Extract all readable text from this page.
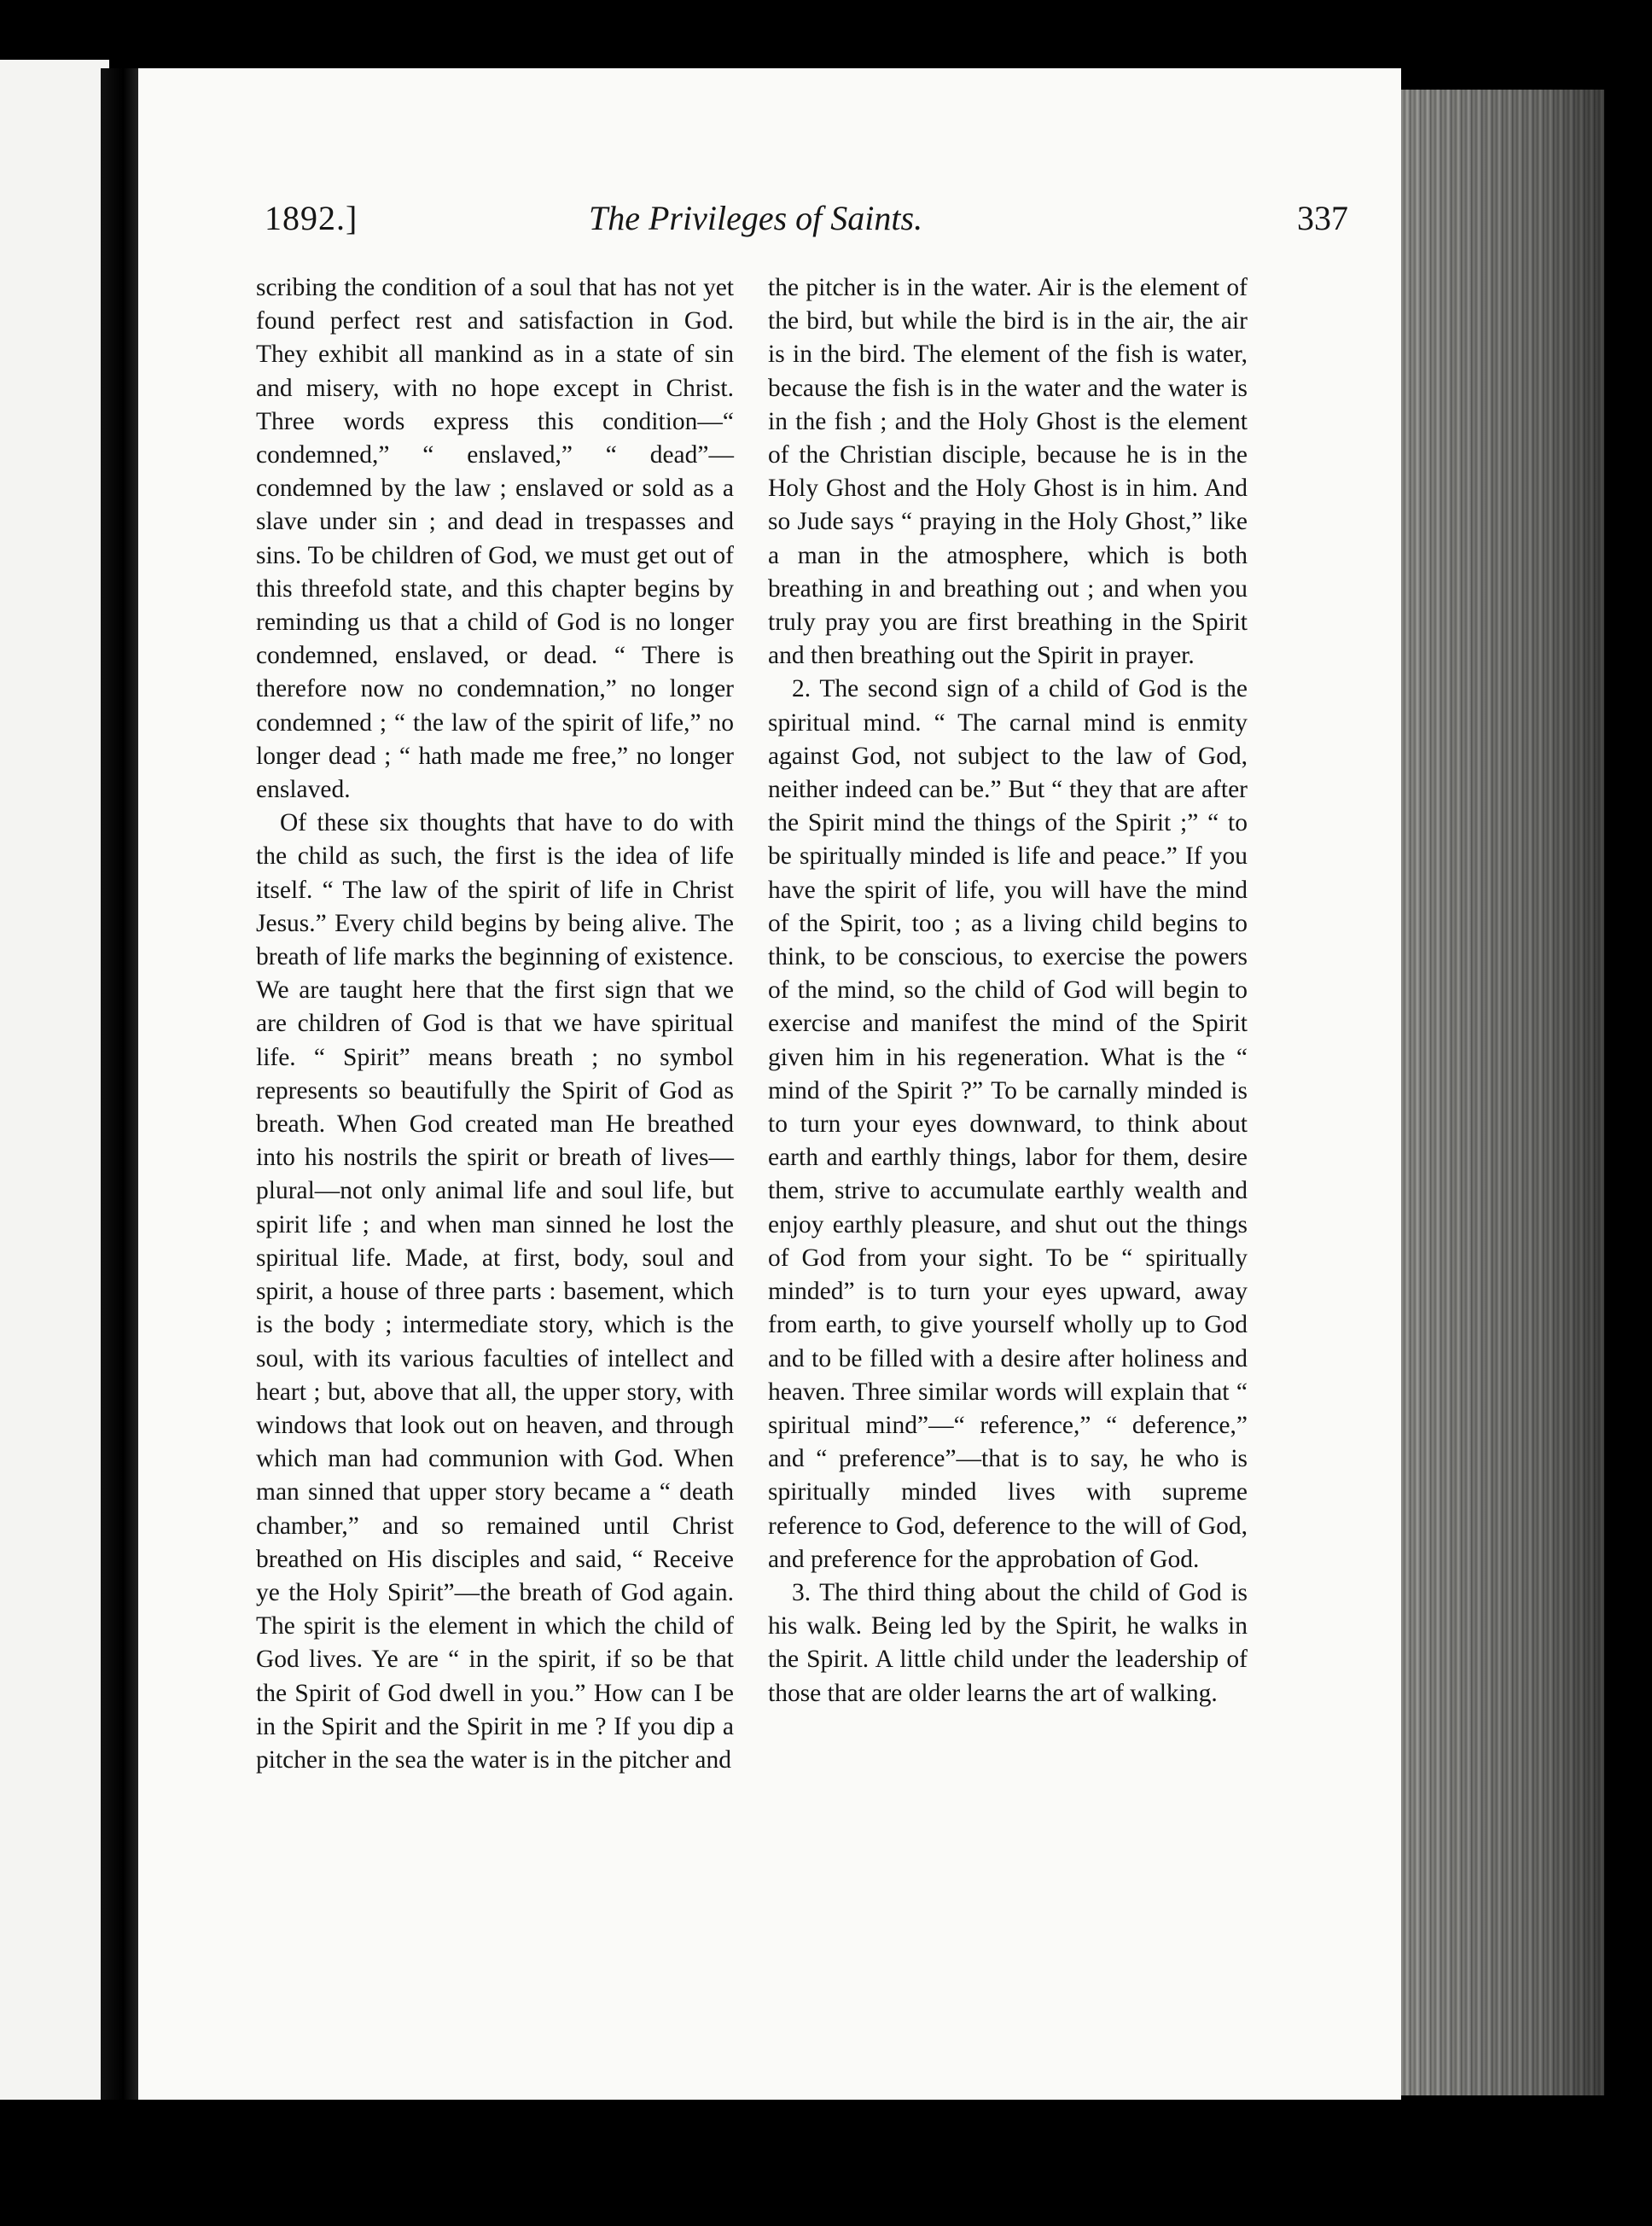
1892.]	The Privileges of Saints.	337

scribing the condition of a soul that has not yet found perfect rest and satisfaction in God. They exhibit all mankind as in a state of sin and misery, with no hope except in Christ. Three words express this condition—“ condemned,” “ enslaved,” “ dead”—condemned by the law ; enslaved or sold as a slave under sin ; and dead in trespasses and sins. To be children of God, we must get out of this threefold state, and this chapter begins by reminding us that a child of God is no longer condemned, enslaved, or dead. “ There is therefore now no condemnation,” no longer condemned ; “ the law of the spirit of life,” no longer dead ; “ hath made me free,” no longer enslaved.

Of these six thoughts that have to do with the child as such, the first is the idea of life itself. “ The law of the spirit of life in Christ Jesus.” Every child begins by being alive. The breath of life marks the beginning of existence. We are taught here that the first sign that we are children of God is that we have spiritual life. “ Spirit” means breath ; no symbol represents so beautifully the Spirit of God as breath. When God created man He breathed into his nostrils the spirit or breath of lives—plural—not only animal life and soul life, but spirit life ; and when man sinned he lost the spiritual life. Made, at first, body, soul and spirit, a house of three parts : basement, which is the body ; intermediate story, which is the soul, with its various faculties of intellect and heart ; but, above that all, the upper story, with windows that look out on heaven, and through which man had communion with God. When man sinned that upper story became a “ death chamber,” and so remained until Christ breathed on His disciples and said, “ Receive ye the Holy Spirit”—the breath of God again. The spirit is the element in which the child of God lives. Ye are “ in the spirit, if so be that the Spirit of God dwell in you.” How can I be in the Spirit and the Spirit in me ? If you dip a pitcher in the sea the water is in the pitcher and

the pitcher is in the water. Air is the element of the bird, but while the bird is in the air, the air is in the bird. The element of the fish is water, because the fish is in the water and the water is in the fish ; and the Holy Ghost is the element of the Christian disciple, because he is in the Holy Ghost and the Holy Ghost is in him. And so Jude says “ praying in the Holy Ghost,” like a man in the atmosphere, which is both breathing in and breathing out ; and when you truly pray you are first breathing in the Spirit and then breathing out the Spirit in prayer.

2. The second sign of a child of God is the spiritual mind. “ The carnal mind is enmity against God, not subject to the law of God, neither indeed can be.” But “ they that are after the Spirit mind the things of the Spirit ;” “ to be spiritually minded is life and peace.” If you have the spirit of life, you will have the mind of the Spirit, too ; as a living child begins to think, to be conscious, to exercise the powers of the mind, so the child of God will begin to exercise and manifest the mind of the Spirit given him in his regeneration. What is the “ mind of the Spirit ?” To be carnally minded is to turn your eyes downward, to think about earth and earthly things, labor for them, desire them, strive to accumulate earthly wealth and enjoy earthly pleasure, and shut out the things of God from your sight. To be “ spiritually minded” is to turn your eyes upward, away from earth, to give yourself wholly up to God and to be filled with a desire after holiness and heaven. Three similar words will explain that “ spiritual mind”—“ reference,” “ deference,” and “ preference”—that is to say, he who is spiritually minded lives with supreme reference to God, deference to the will of God, and preference for the approbation of God.

3. The third thing about the child of God is his walk. Being led by the Spirit, he walks in the Spirit. A little child under the leadership of those that are older learns the art of walking.
